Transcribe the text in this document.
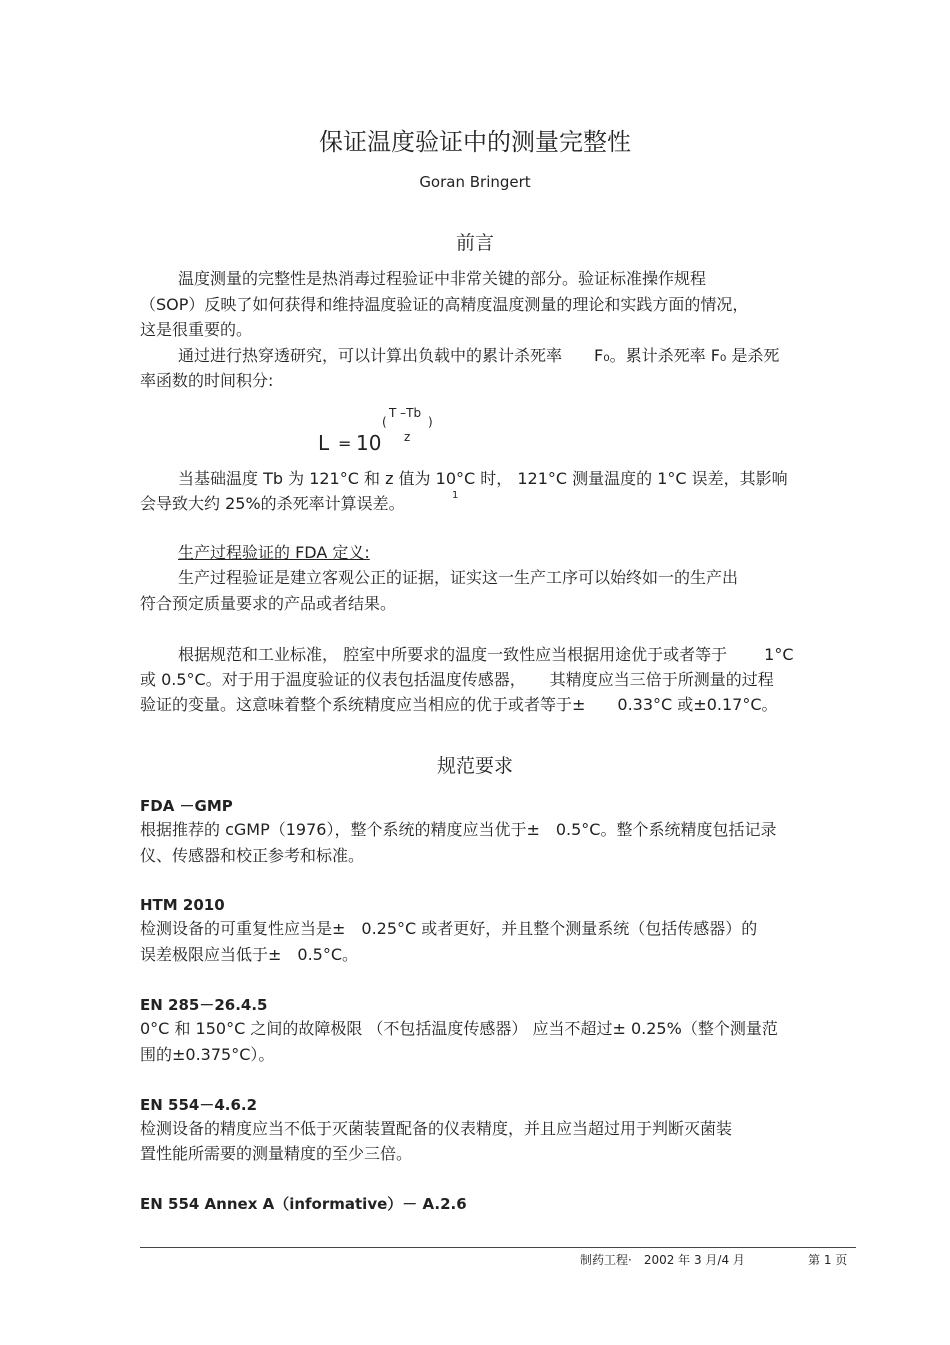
保证温度验证中的测量完整性
Goran Bringert
前言
温度测量的完整性是热消毒过程验证中非常关键的部分。验证标准操作规程
（SOP）反映了如何获得和维持温度验证的高精度温度测量的理论和实践方面的情况，
这是很重要的。
通过进行热穿透研究，可以计算出负载中的累计杀死率　　F₀。累计杀死率 F₀ 是杀死
率函数的时间积分:
L = 10
(
T –Tb
)
z
当基础温度 Tb 为 121°C 和 z 值为 10°C 时， 121°C 测量温度的 1°C 误差，其影响
会导致大约 25%的杀死率计算误差。	1
生产过程验证的 FDA 定义:
生产过程验证是建立客观公正的证据，证实这一生产工序可以始终如一的生产出
符合预定质量要求的产品或者结果。
根据规范和工业标准， 腔室中所要求的温度一致性应当根据用途优于或者等于　　 1°C
或 0.5°C。对于用于温度验证的仪表包括温度传感器，　　其精度应当三倍于所测量的过程
验证的变量。这意味着整个系统精度应当相应的优于或者等于±　　0.33°C 或±0.17°C。
规范要求
FDA －GMP
根据推荐的 cGMP（1976），整个系统的精度应当优于±　0.5°C。整个系统精度包括记录
仪、传感器和校正参考和标准。
HTM 2010
检测设备的可重复性应当是±　0.25°C 或者更好，并且整个测量系统（包括传感器）的
误差极限应当低于±　0.5°C。
EN 285－26.4.5
0°C 和 150°C 之间的故障极限 （不包括温度传感器） 应当不超过± 0.25%（整个测量范
围的±0.375°C）。
EN 554－4.6.2
检测设备的精度应当不低于灭菌装置配备的仪表精度，并且应当超过用于判断灭菌装
置性能所需要的测量精度的至少三倍。
EN 554 Annex A（informative）－ A.2.6
制药工程·　2002 年 3 月/4 月	第 1 页
